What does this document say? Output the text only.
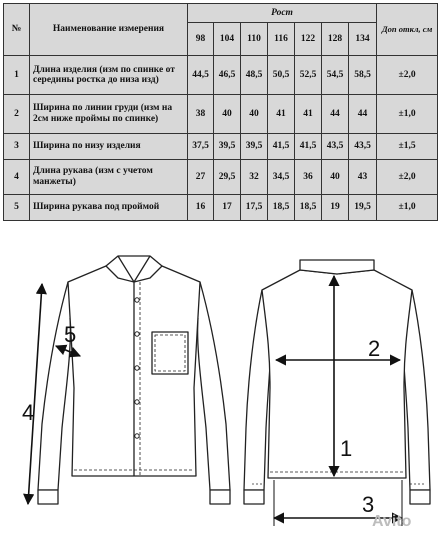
№	Наименование измерения	Рост							Доп откл, см
		98	104	110	116	122	128	134	
1	Длина изделия (изм по спинке от середины ростка до низа изд)	44,5	46,5	48,5	50,5	52,5	54,5	58,5	±2,0
2	Ширина по линии груди (изм на 2см ниже проймы по спинке)	38	40	40	41	41	44	44	±1,0
3	Ширина по низу изделия	37,5	39,5	39,5	41,5	41,5	43,5	43,5	±1,5
4	Длина рукава (изм с учетом манжеты)	27	29,5	32	34,5	36	40	43	±2,0
5	Ширина рукава под проймой	16	17	17,5	18,5	18,5	19	19,5	±1,0
1
2
3
4
5
Avito
